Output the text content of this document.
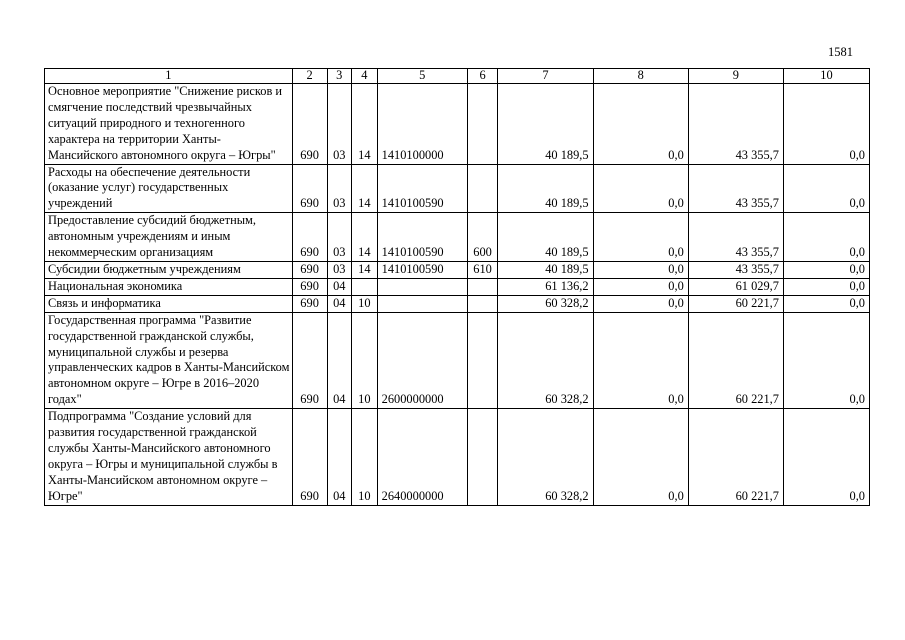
1581
1	2	3	4	5	6	7	8	9	10
Основное мероприятие "Снижение рисков и смягчение последствий чрезвычайных ситуаций природного и техногенного характера на территории Ханты-Мансийского автономного округа – Югры"	690	03	14	1410100000		40 189,5	0,0	43 355,7	0,0
Расходы на обеспечение деятельности (оказание услуг) государственных учреждений	690	03	14	1410100590		40 189,5	0,0	43 355,7	0,0
Предоставление субсидий бюджетным, автономным учреждениям и иным некоммерческим организациям	690	03	14	1410100590	600	40 189,5	0,0	43 355,7	0,0
Субсидии бюджетным учреждениям	690	03	14	1410100590	610	40 189,5	0,0	43 355,7	0,0
Национальная экономика	690	04				61 136,2	0,0	61 029,7	0,0
Связь и информатика	690	04	10			60 328,2	0,0	60 221,7	0,0
Государственная программа "Развитие государственной гражданской службы, муниципальной службы и резерва управленческих кадров в Ханты-Мансийском автономном округе – Югре в 2016–2020 годах"	690	04	10	2600000000		60 328,2	0,0	60 221,7	0,0
Подпрограмма "Создание условий для развития государственной гражданской службы Ханты-Мансийского автономного округа – Югры и муниципальной службы в Ханты-Мансийском автономном округе – Югре"	690	04	10	2640000000		60 328,2	0,0	60 221,7	0,0
